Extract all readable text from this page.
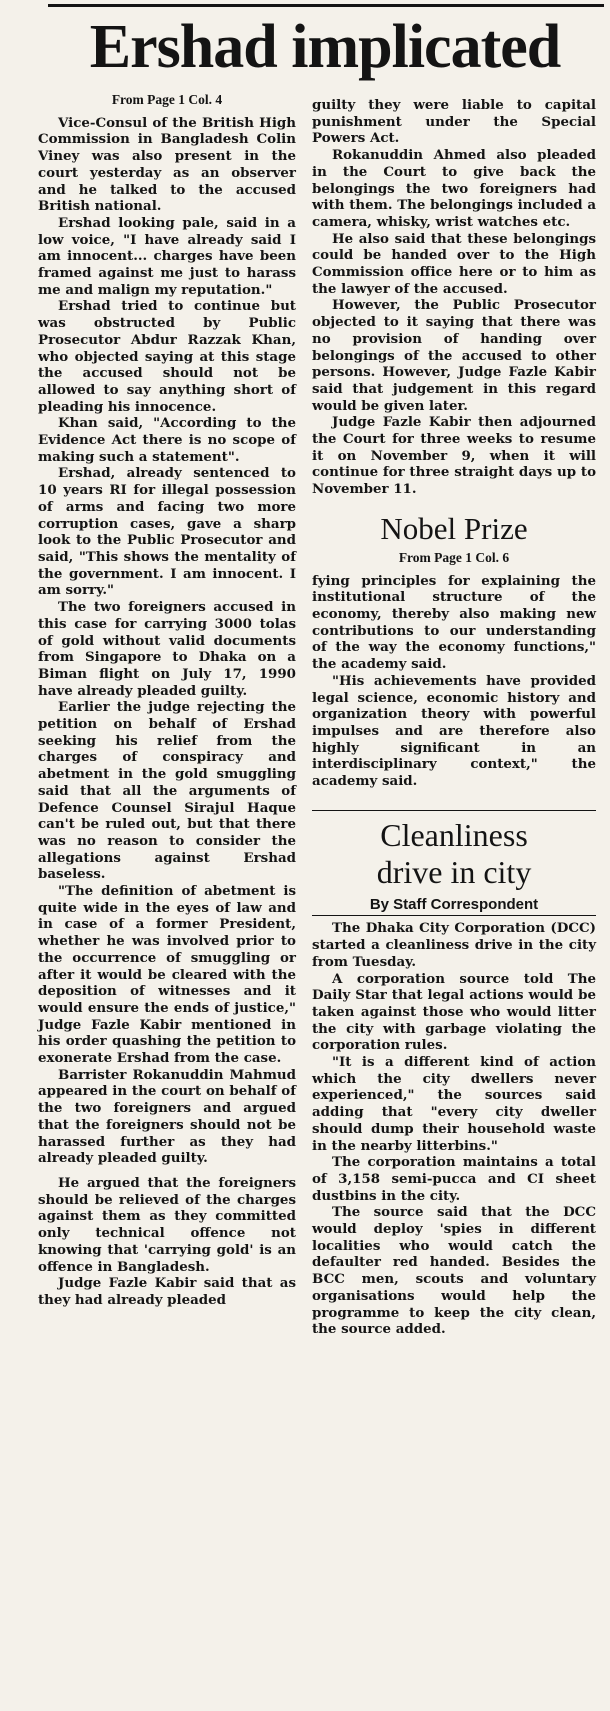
Ershad implicated
From Page 1 Col. 4

Vice-Consul of the British High Commission in Bangladesh Colin Viney was also present in the court yesterday as an observer and he talked to the accused British national.

Ershad looking pale, said in a low voice, "I have already said I am innocent... charges have been framed against me just to harass me and malign my reputation."

Ershad tried to continue but was obstructed by Public Prosecutor Abdur Razzak Khan, who objected saying at this stage the accused should not be allowed to say anything short of pleading his innocence.

Khan said, "According to the Evidence Act there is no scope of making such a statement".

Ershad, already sentenced to 10 years RI for illegal possession of arms and facing two more corruption cases, gave a sharp look to the Public Prosecutor and said, "This shows the mentality of the government. I am innocent. I am sorry."

The two foreigners accused in this case for carrying 3000 tolas of gold without valid documents from Singapore to Dhaka on a Biman flight on July 17, 1990 have already pleaded guilty.

Earlier the judge rejecting the petition on behalf of Ershad seeking his relief from the charges of conspiracy and abetment in the gold smuggling said that all the arguments of Defence Counsel Sirajul Haque can't be ruled out, but that there was no reason to consider the allegations against Ershad baseless.

"The definition of abetment is quite wide in the eyes of law and in case of a former President, whether he was involved prior to the occurrence of smuggling or after it would be cleared with the deposition of witnesses and it would ensure the ends of justice," Judge Fazle Kabir mentioned in his order quashing the petition to exonerate Ershad from the case.

Barrister Rokanuddin Mahmud appeared in the court on behalf of the two foreigners and argued that the foreigners should not be harassed further as they had already pleaded guilty.

He argued that the foreigners should be relieved of the charges against them as they committed only technical offence not knowing that 'carrying gold' is an offence in Bangladesh.

Judge Fazle Kabir said that as they had already pleaded

guilty they were liable to capital punishment under the Special Powers Act.

Rokanuddin Ahmed also pleaded in the Court to give back the belongings the two foreigners had with them. The belongings included a camera, whisky, wrist watches etc.

He also said that these belongings could be handed over to the High Commission office here or to him as the lawyer of the accused.

However, the Public Prosecutor objected to it saying that there was no provision of handing over belongings of the accused to other persons. However, Judge Fazle Kabir said that judgement in this regard would be given later.

Judge Fazle Kabir then adjourned the Court for three weeks to resume it on November 9, when it will continue for three straight days up to November 11.

Nobel Prize
From Page 1 Col. 6

fying principles for explaining the institutional structure of the economy, thereby also making new contributions to our understanding of the way the economy functions," the academy said.

"His achievements have provided legal science, economic history and organization theory with powerful impulses and are therefore also highly significant in an interdisciplinary context," the academy said.

Cleanliness
drive in city
By Staff Correspondent

The Dhaka City Corporation (DCC) started a cleanliness drive in the city from Tuesday.

A corporation source told The Daily Star that legal actions would be taken against those who would litter the city with garbage violating the corporation rules.

"It is a different kind of action which the city dwellers never experienced," the sources said adding that "every city dweller should dump their household waste in the nearby litterbins."

The corporation maintains a total of 3,158 semi-pucca and CI sheet dustbins in the city.

The source said that the DCC would deploy 'spies in different localities who would catch the defaulter red handed. Besides the BCC men, scouts and voluntary organisations would help the programme to keep the city clean, the source added.
